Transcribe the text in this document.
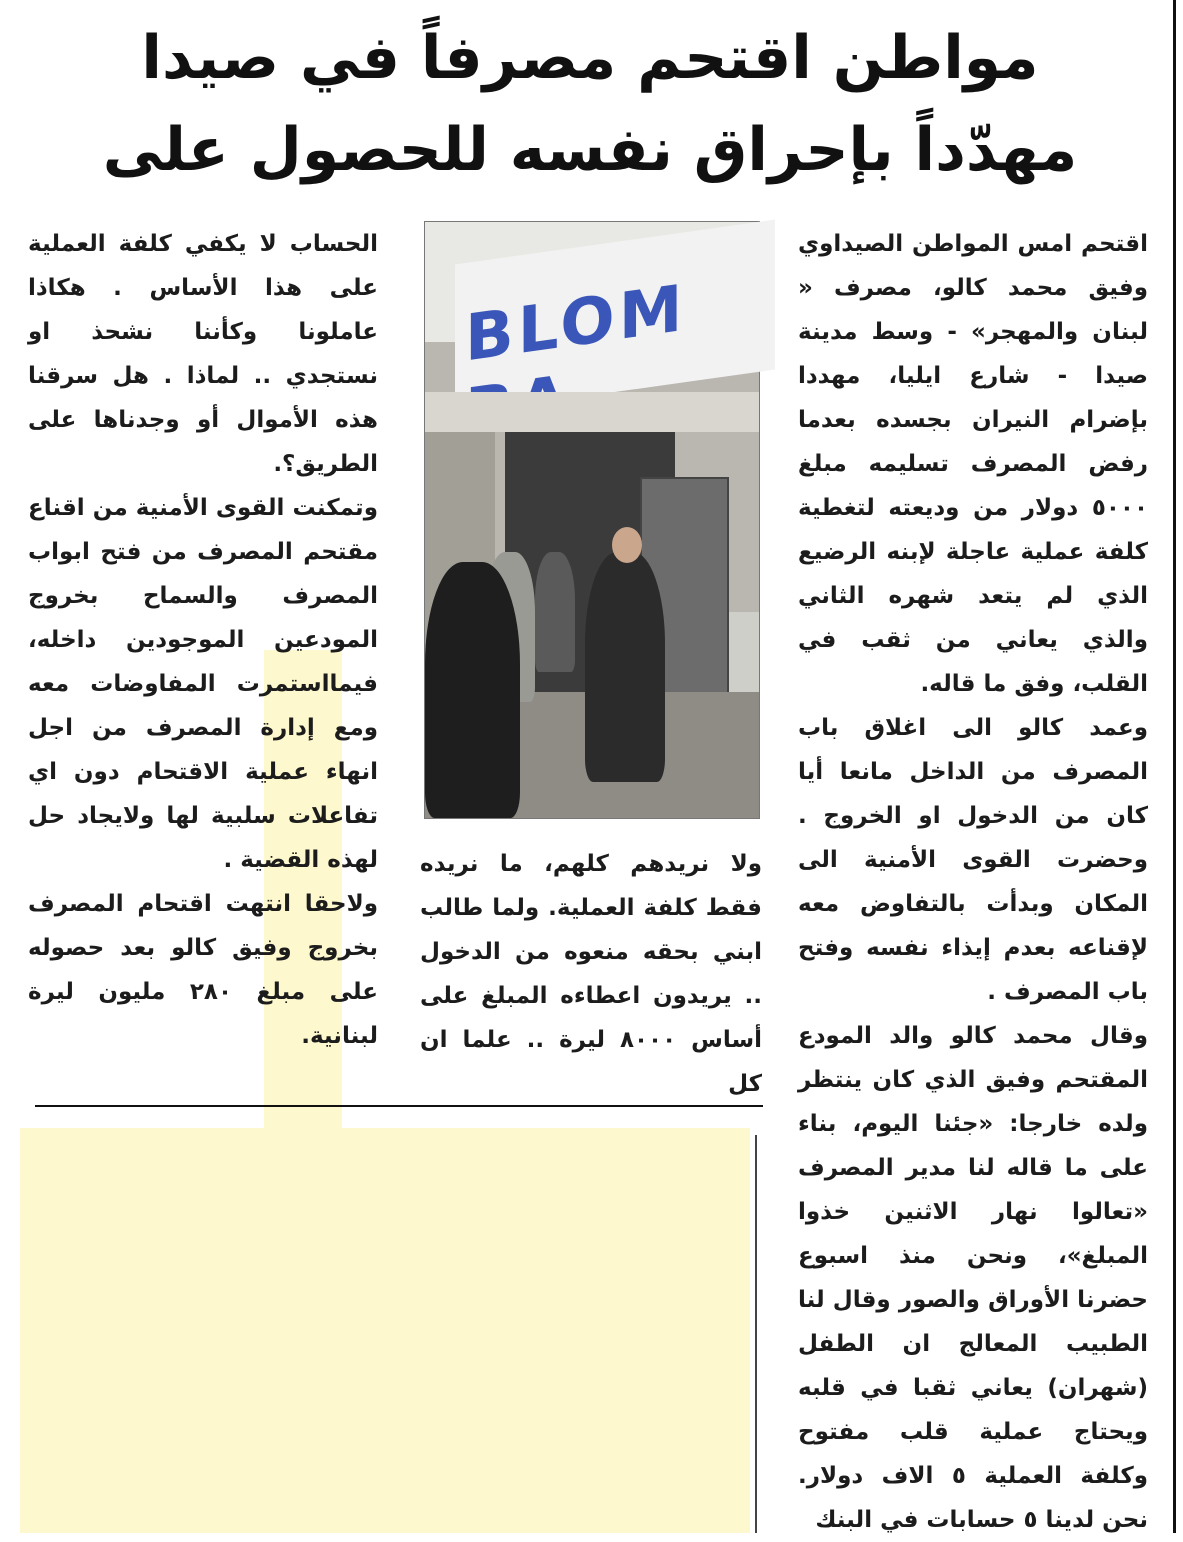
مواطن اقتحم مصرفاً في صيدا
مهدّداً بإحراق نفسه للحصول على

اقتحم امس المواطن الصيداوي وفيق محمد كالو، مصرف « لبنان والمهجر» - وسط مدينة صيدا - شارع ايليا، مهددا بإضرام النيران بجسده بعدما رفض المصرف تسليمه مبلغ ٥٠٠٠ دولار من وديعته لتغطية كلفة عملية عاجلة لإبنه الرضيع الذي لم يتعد شهره الثاني والذي يعاني من ثقب في القلب، وفق ما قاله.

وعمد كالو الى اغلاق باب المصرف من الداخل مانعا أيا كان من الدخول او الخروج . وحضرت القوى الأمنية الى المكان وبدأت بالتفاوض معه لإقناعه بعدم إيذاء نفسه وفتح باب المصرف .

وقال محمد كالو والد المودع المقتحم وفيق الذي كان ينتظر ولده خارجا: «جئنا اليوم، بناء على ما قاله لنا مدير المصرف «تعالوا نهار الاثنين خذوا المبلغ»، ونحن منذ اسبوع حضرنا الأوراق والصور وقال لنا الطبيب المعالج ان الطفل (شهران) يعاني ثقبا في قلبه ويحتاج عملية قلب مفتوح وكلفة العملية ٥ الاف دولار. نحن لدينا ٥ حسابات في البنك

BLOM

ولا نريدهم كلهم، ما نريده فقط كلفة العملية. ولما طالب ابني بحقه منعوه من الدخول .. يريدون اعطاءه المبلغ على أساس ٨٠٠٠ ليرة .. علما ان كل

الحساب لا يكفي كلفة العملية على هذا الأساس . هكاذا عاملونا وكأننا نشحذ او نستجدي .. لماذا . هل سرقنا هذه الأموال أو وجدناها على الطريق؟.

وتمكنت القوى الأمنية من اقناع مقتحم المصرف من فتح ابواب المصرف والسماح بخروج المودعين الموجودين داخله، فيمااستمرت المفاوضات معه ومع إدارة المصرف من اجل انهاء عملية الاقتحام دون اي تفاعلات سلبية لها ولايجاد حل لهذه القضية .

ولاحقا انتهت اقتحام المصرف بخروج وفيق كالو بعد حصوله على مبلغ ٢٨٠ مليون ليرة لبنانية.
